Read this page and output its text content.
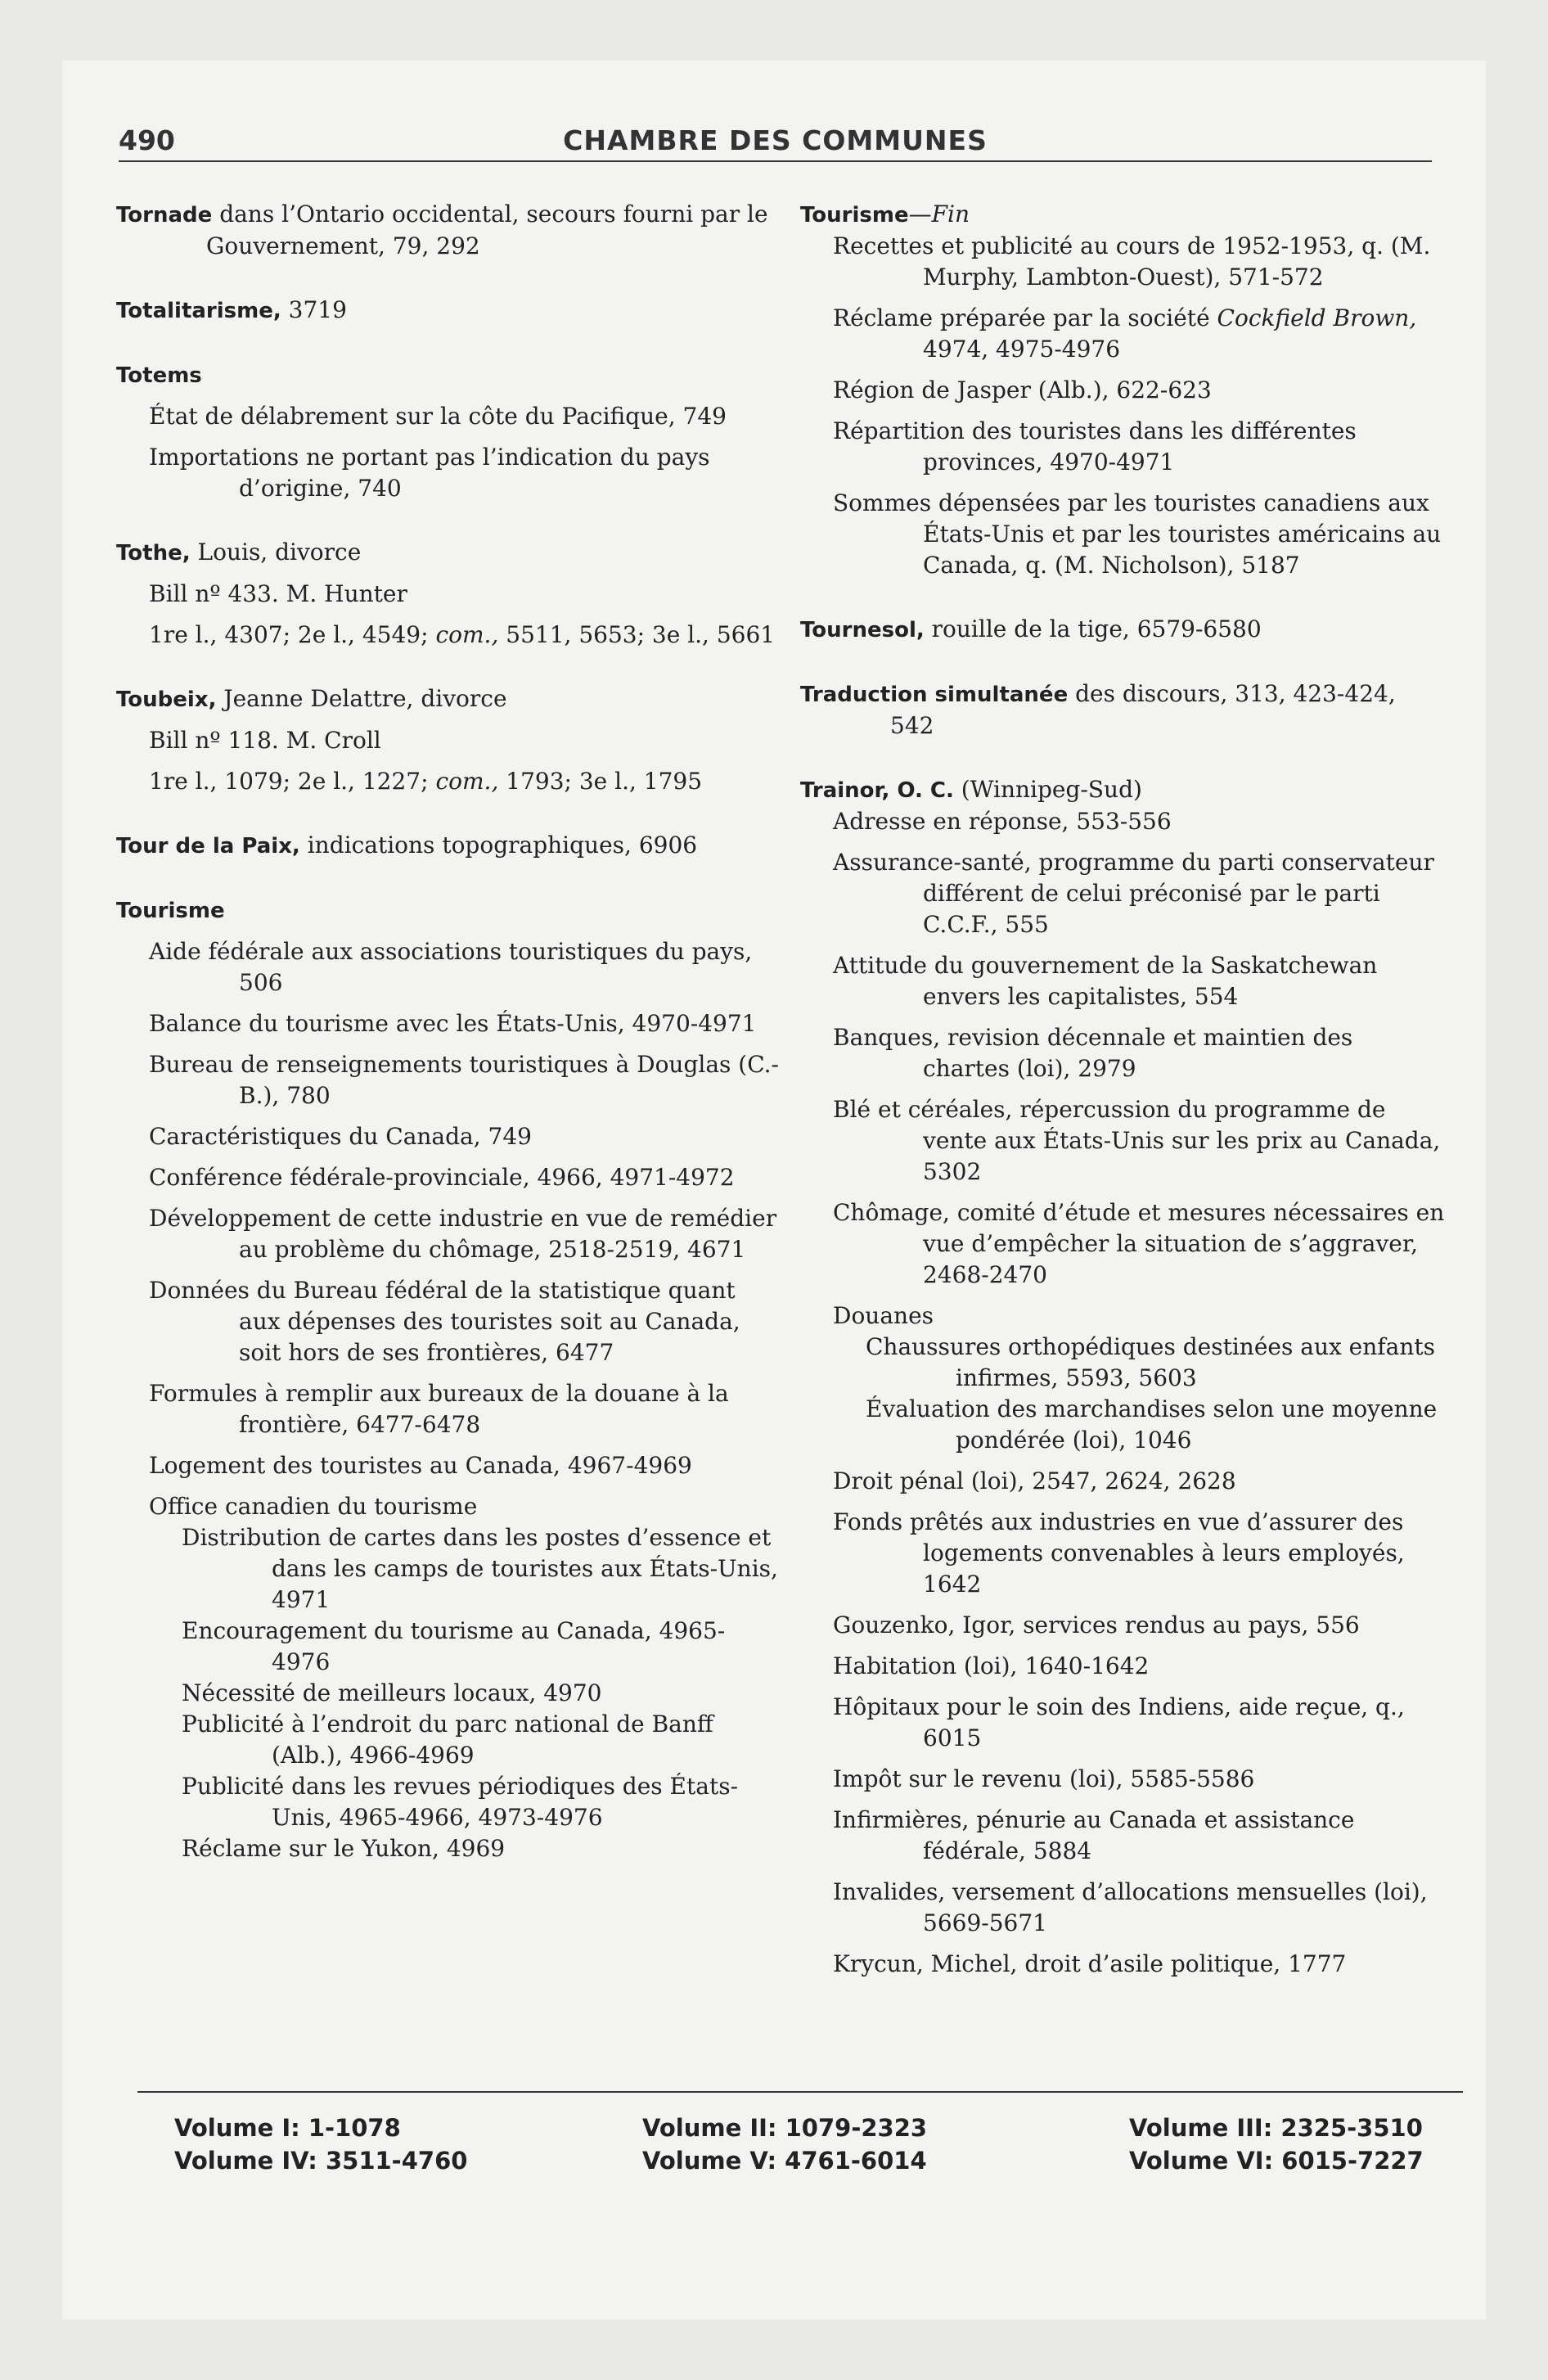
490	CHAMBRE DES COMMUNES
Tornade dans l’Ontario occidental, secours fourni par le Gouvernement, 79, 292
Totalitarisme, 3719
Totems
État de délabrement sur la côte du Pacifique, 749
Importations ne portant pas l’indication du pays d’origine, 740
Tothe, Louis, divorce
Bill nº 433. M. Hunter
1re l., 4307; 2e l., 4549; com., 5511, 5653; 3e l., 5661
Toubeix, Jeanne Delattre, divorce
Bill nº 118. M. Croll
1re l., 1079; 2e l., 1227; com., 1793; 3e l., 1795
Tour de la Paix, indications topographiques, 6906
Tourisme
Aide fédérale aux associations touristiques du pays, 506
Balance du tourisme avec les États-Unis, 4970-4971
Bureau de renseignements touristiques à Douglas (C.-B.), 780
Caractéristiques du Canada, 749
Conférence fédérale-provinciale, 4966, 4971-4972
Développement de cette industrie en vue de remédier au problème du chômage, 2518-2519, 4671
Données du Bureau fédéral de la statistique quant aux dépenses des touristes soit au Canada, soit hors de ses frontières, 6477
Formules à remplir aux bureaux de la douane à la frontière, 6477-6478
Logement des touristes au Canada, 4967-4969
Office canadien du tourisme
Distribution de cartes dans les postes d’essence et dans les camps de touristes aux États-Unis, 4971
Encouragement du tourisme au Canada, 4965-4976
Nécessité de meilleurs locaux, 4970
Publicité à l’endroit du parc national de Banff (Alb.), 4966-4969
Publicité dans les revues périodiques des États-Unis, 4965-4966, 4973-4976
Réclame sur le Yukon, 4969
Tourisme—Fin
Recettes et publicité au cours de 1952-1953, q. (M. Murphy, Lambton-Ouest), 571-572
Réclame préparée par la société Cockfield Brown, 4974, 4975-4976
Région de Jasper (Alb.), 622-623
Répartition des touristes dans les différentes provinces, 4970-4971
Sommes dépensées par les touristes canadiens aux États-Unis et par les touristes américains au Canada, q. (M. Nicholson), 5187
Tournesol, rouille de la tige, 6579-6580
Traduction simultanée des discours, 313, 423-424, 542
Trainor, O. C. (Winnipeg-Sud)
Adresse en réponse, 553-556
Assurance-santé, programme du parti conservateur différent de celui préconisé par le parti C.C.F., 555
Attitude du gouvernement de la Saskatchewan envers les capitalistes, 554
Banques, revision décennale et maintien des chartes (loi), 2979
Blé et céréales, répercussion du programme de vente aux États-Unis sur les prix au Canada, 5302
Chômage, comité d’étude et mesures nécessaires en vue d’empêcher la situation de s’aggraver, 2468-2470
Douanes
Chaussures orthopédiques destinées aux enfants infirmes, 5593, 5603
Évaluation des marchandises selon une moyenne pondérée (loi), 1046
Droit pénal (loi), 2547, 2624, 2628
Fonds prêtés aux industries en vue d’assurer des logements convenables à leurs employés, 1642
Gouzenko, Igor, services rendus au pays, 556
Habitation (loi), 1640-1642
Hôpitaux pour le soin des Indiens, aide reçue, q., 6015
Impôt sur le revenu (loi), 5585-5586
Infirmières, pénurie au Canada et assistance fédérale, 5884
Invalides, versement d’allocations mensuelles (loi), 5669-5671
Krycun, Michel, droit d’asile politique, 1777
Volume I: 1-1078
Volume IV: 3511-4760
Volume II: 1079-2323
Volume V: 4761-6014
Volume III: 2325-3510
Volume VI: 6015-7227
